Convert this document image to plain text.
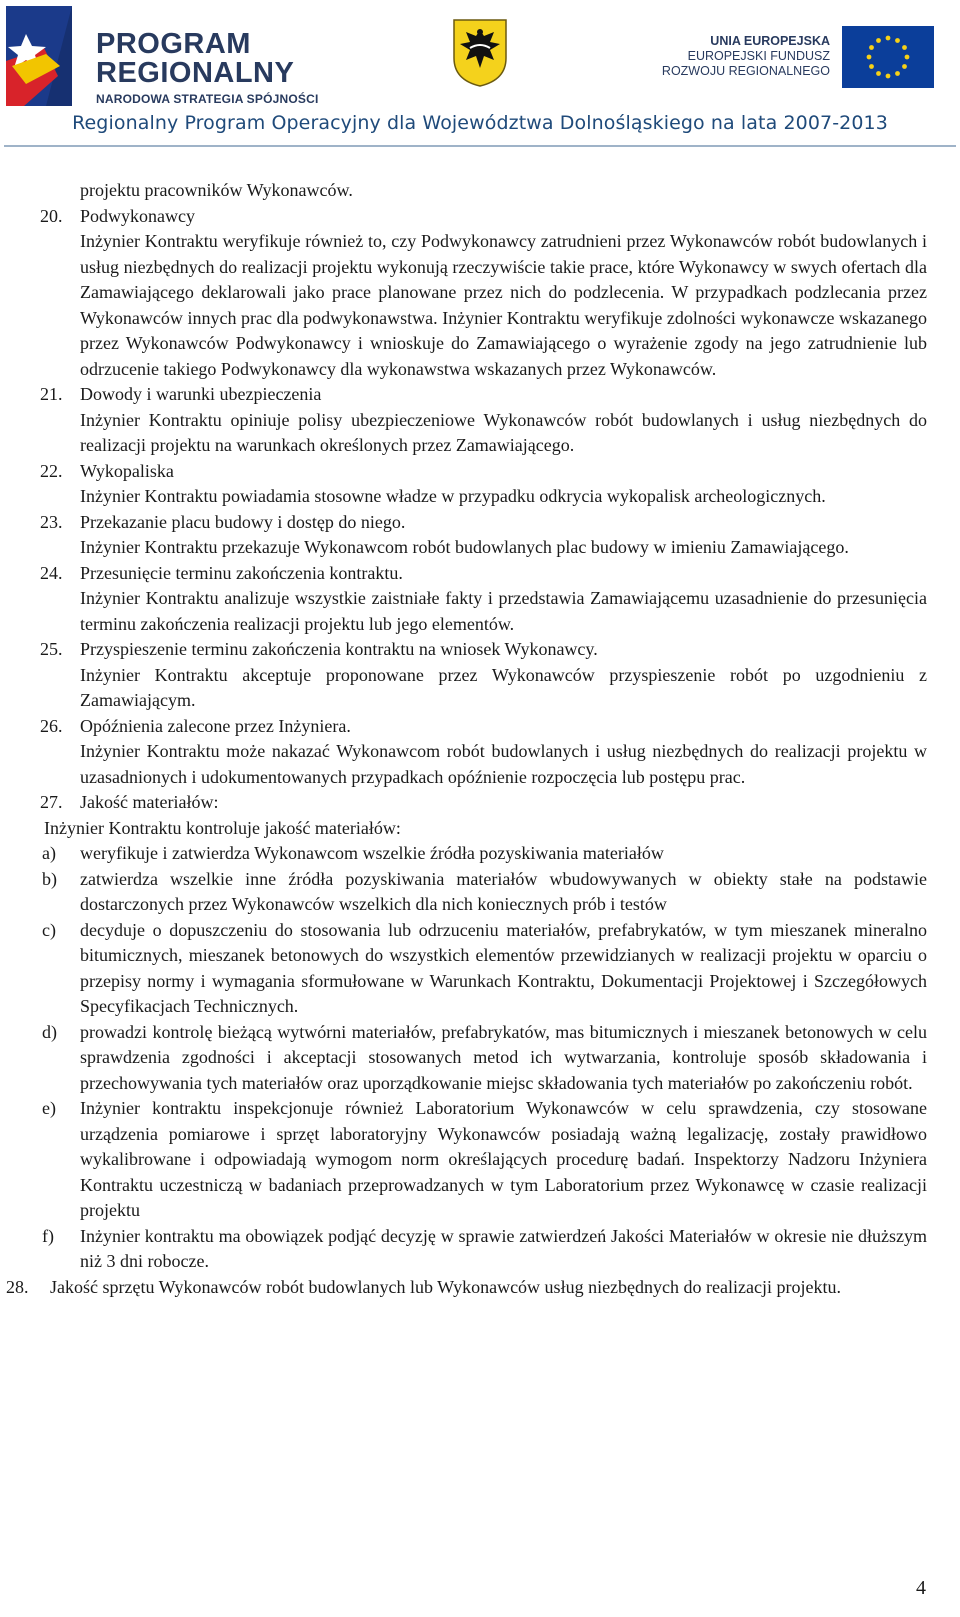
PROGRAM
REGIONALNY
NARODOWA STRATEGIA SPÓJNOŚCI
UNIA EUROPEJSKA
EUROPEJSKI FUNDUSZ
ROZWOJU REGIONALNEGO
Regionalny Program Operacyjny dla Województwa Dolnośląskiego na lata 2007-2013
projektu pracowników Wykonawców.
20. Podwykonawcy
Inżynier Kontraktu weryfikuje również to, czy Podwykonawcy zatrudnieni przez Wykonawców robót budowlanych i usług niezbędnych do realizacji projektu wykonują rzeczywiście takie prace, które Wykonawcy w swych ofertach dla Zamawiającego deklarowali jako prace planowane przez nich do podzlecenia. W przypadkach podzlecania przez Wykonawców innych prac dla podwykonawstwa. Inżynier Kontraktu weryfikuje zdolności wykonawcze wskazanego przez Wykonawców Podwykonawcy i wnioskuje do Zamawiającego o wyrażenie zgody na jego zatrudnienie lub odrzucenie takiego Podwykonawcy dla wykonawstwa wskazanych przez Wykonawców.
21. Dowody i warunki ubezpieczenia
Inżynier Kontraktu opiniuje polisy ubezpieczeniowe Wykonawców robót budowlanych i usług niezbędnych do realizacji projektu na warunkach określonych przez Zamawiającego.
22. Wykopaliska
Inżynier Kontraktu powiadamia stosowne władze w przypadku odkrycia wykopalisk archeologicznych.
23. Przekazanie placu budowy i dostęp do niego.
Inżynier Kontraktu przekazuje Wykonawcom robót budowlanych plac budowy w imieniu Zamawiającego.
24. Przesunięcie terminu zakończenia kontraktu.
Inżynier Kontraktu analizuje wszystkie zaistniałe fakty i przedstawia Zamawiającemu uzasadnienie do przesunięcia terminu zakończenia realizacji projektu lub jego elementów.
25. Przyspieszenie terminu zakończenia kontraktu na wniosek Wykonawcy.
Inżynier Kontraktu akceptuje proponowane przez Wykonawców przyspieszenie robót po uzgodnieniu z Zamawiającym.
26. Opóźnienia zalecone przez Inżyniera.
Inżynier Kontraktu może nakazać Wykonawcom robót budowlanych i usług niezbędnych do realizacji projektu w uzasadnionych i udokumentowanych przypadkach opóźnienie rozpoczęcia lub postępu prac.
27. Jakość materiałów:
Inżynier Kontraktu kontroluje jakość materiałów:
a) weryfikuje i zatwierdza Wykonawcom wszelkie źródła pozyskiwania materiałów
b) zatwierdza wszelkie inne źródła pozyskiwania materiałów wbudowywanych w obiekty stałe na podstawie dostarczonych przez Wykonawców wszelkich dla nich koniecznych prób i testów
c) decyduje o dopuszczeniu do stosowania lub odrzuceniu materiałów, prefabrykatów, w tym mieszanek mineralno bitumicznych, mieszanek betonowych do wszystkich elementów przewidzianych w realizacji projektu w oparciu o przepisy normy i wymagania sformułowane w Warunkach Kontraktu, Dokumentacji Projektowej i Szczegółowych Specyfikacjach Technicznych.
d) prowadzi kontrolę bieżącą wytwórni materiałów, prefabrykatów, mas bitumicznych i mieszanek betonowych w celu sprawdzenia zgodności i akceptacji stosowanych metod ich wytwarzania, kontroluje sposób składowania i przechowywania tych materiałów oraz uporządkowanie miejsc składowania tych materiałów po zakończeniu robót.
e) Inżynier kontraktu inspekcjonuje również Laboratorium Wykonawców w celu sprawdzenia, czy stosowane urządzenia pomiarowe i sprzęt laboratoryjny Wykonawców posiadają ważną legalizację, zostały prawidłowo wykalibrowane i odpowiadają wymogom norm określających procedurę badań. Inspektorzy Nadzoru Inżyniera Kontraktu uczestniczą w badaniach przeprowadzanych w tym Laboratorium przez Wykonawcę w czasie realizacji projektu
f) Inżynier kontraktu ma obowiązek podjąć decyzję w sprawie zatwierdzeń Jakości Materiałów w okresie nie dłuższym niż 3 dni robocze.
28. Jakość sprzętu Wykonawców robót budowlanych lub Wykonawców usług niezbędnych do realizacji projektu.
4
